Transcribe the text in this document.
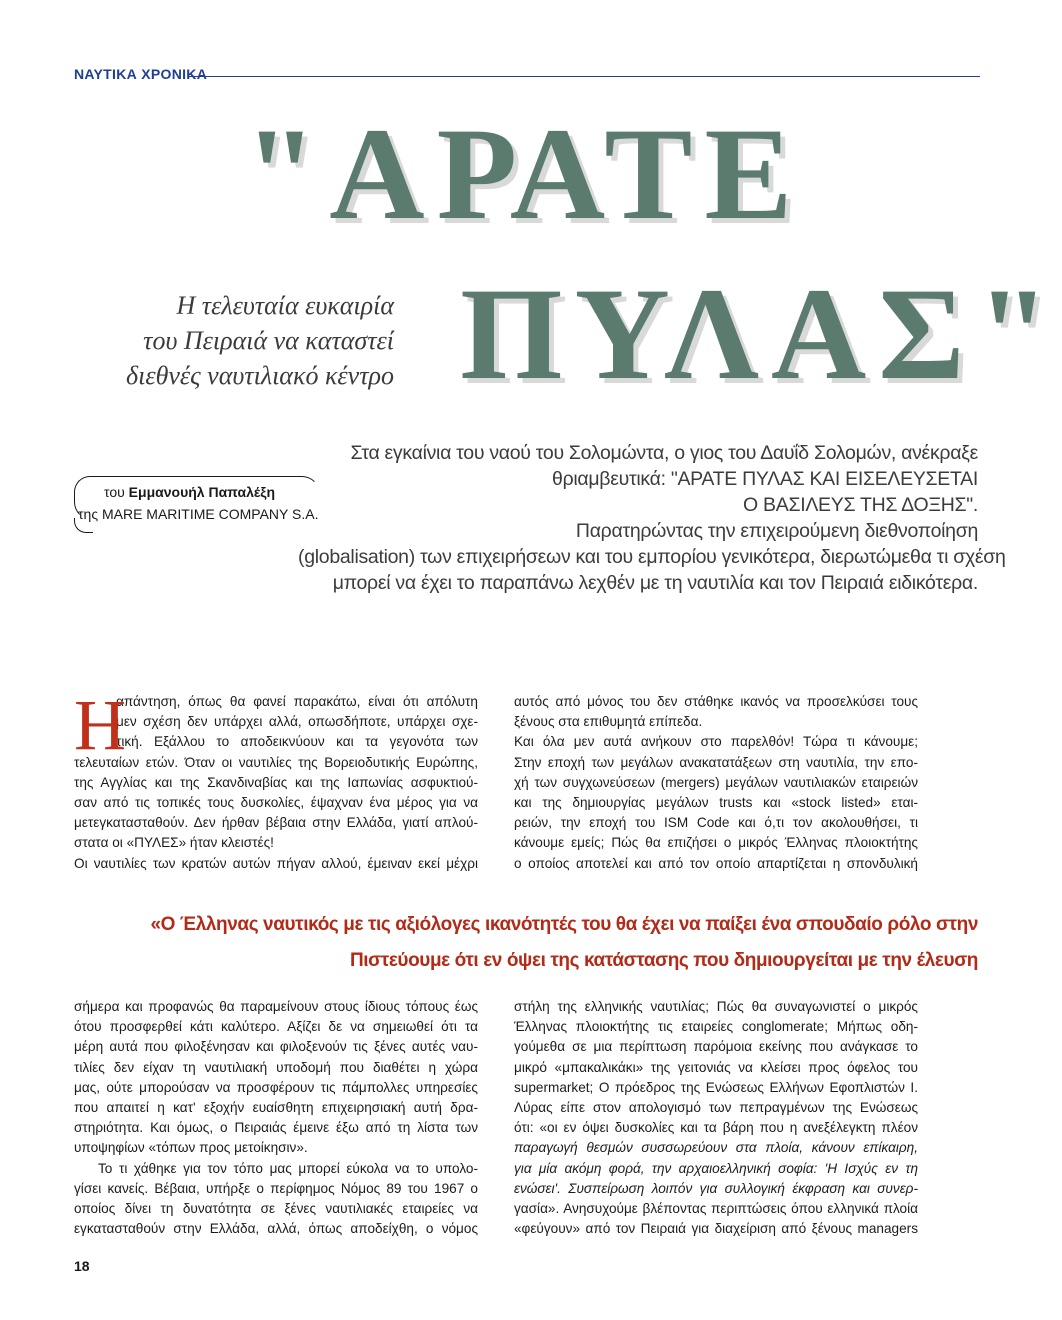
ΝΑΥΤΙΚΑ ΧΡΟΝΙΚΑ
"ΑΡΑΤΕ
ΠΥΛΑΣ"
Η τελευταία ευκαιρία
του Πειραιά να καταστεί
διεθνές ναυτιλιακό κέντρο
του Εμμανουήλ Παπαλέξη
της MARE MARITIME COMPANY S.A.
Στα εγκαίνια του ναού του Σολομώντα, ο γιος του Δαυΐδ Σολομών, ανέκραξε
θριαμβευτικά: "ΑΡΑΤΕ ΠΥΛΑΣ ΚΑΙ ΕΙΣΕΛΕΥΣΕΤΑΙ
Ο ΒΑΣΙΛΕΥΣ ΤΗΣ ΔΟΞΗΣ".
Παρατηρώντας την επιχειρούμενη διεθνοποίηση
(globalisation) των επιχειρήσεων και του εμπορίου γενικότερα, διερωτώμεθα τι σχέση
μπορεί να έχει το παραπάνω λεχθέν με τη ναυτιλία και τον Πειραιά ειδικότερα.
Η
απάντηση, όπως θα φανεί παρακάτω, είναι ότι απόλυτη
μεν σχέση δεν υπάρχει αλλά, οπωσδήποτε, υπάρχει σχε-
τική. Εξάλλου το αποδεικνύουν και τα γεγονότα των
τελευταίων ετών. Όταν οι ναυτιλίες της Βορειοδυτικής Ευρώπης,
της Αγγλίας και της Σκανδιναβίας και της Ιαπωνίας ασφυκτιού-
σαν από τις τοπικές τους δυσκολίες, έψαχναν ένα μέρος για να
μετεγκατασταθούν. Δεν ήρθαν βέβαια στην Ελλάδα, γιατί απλού-
στατα οι «ΠΥΛΕΣ» ήταν κλειστές!
Οι ναυτιλίες των κρατών αυτών πήγαν αλλού, έμειναν εκεί μέχρι
αυτός από μόνος του δεν στάθηκε ικανός να προσελκύσει τους
ξένους στα επιθυμητά επίπεδα.
Και όλα μεν αυτά ανήκουν στο παρελθόν! Τώρα τι κάνουμε;
Στην εποχή των μεγάλων ανακατατάξεων στη ναυτιλία, την επο-
χή των συγχωνεύσεων (mergers) μεγάλων ναυτιλιακών εταιρειών
και της δημιουργίας μεγάλων trusts και «stock listed» εται-
ρειών, την εποχή του ISM Code και ό,τι τον ακολουθήσει, τι
κάνουμε εμείς; Πώς θα επιζήσει ο μικρός Έλληνας πλοιοκτήτης
ο οποίος αποτελεί και από τον οποίο απαρτίζεται η σπονδυλική
«Ο Έλληνας ναυτικός με τις αξιόλογες ικανότητές του θα έχει να παίξει ένα σπουδαίο ρόλο στην
Πιστεύουμε ότι εν όψει της κατάστασης που δημιουργείται με την έλευση
σήμερα και προφανώς θα παραμείνουν στους ίδιους τόπους έως
ότου προσφερθεί κάτι καλύτερο. Αξίζει δε να σημειωθεί ότι τα
μέρη αυτά που φιλοξένησαν και φιλοξενούν τις ξένες αυτές ναυ-
τιλίες δεν είχαν τη ναυτιλιακή υποδομή που διαθέτει η χώρα
μας, ούτε μπορούσαν να προσφέρουν τις πάμπολλες υπηρεσίες
που απαιτεί η κατ' εξοχήν ευαίσθητη επιχειρησιακή αυτή δρα-
στηριότητα. Και όμως, ο Πειραιάς έμεινε έξω από τη λίστα των
υποψηφίων «τόπων προς μετοίκησιν».
Το τι χάθηκε για τον τόπο μας μπορεί εύκολα να το υπολο-
γίσει κανείς. Βέβαια, υπήρξε ο περίφημος Νόμος 89 του 1967 ο
οποίος δίνει τη δυνατότητα σε ξένες ναυτιλιακές εταιρείες να
εγκατασταθούν στην Ελλάδα, αλλά, όπως αποδείχθη, ο νόμος
στήλη της ελληνικής ναυτιλίας; Πώς θα συναγωνιστεί ο μικρός
Έλληνας πλοιοκτήτης τις εταιρείες conglomerate; Μήπως οδη-
γούμεθα σε μια περίπτωση παρόμοια εκείνης που ανάγκασε το
μικρό «μπακαλικάκι» της γειτονιάς να κλείσει προς όφελος του
supermarket; Ο πρόεδρος της Ενώσεως Ελλήνων Εφοπλιστών Ι.
Λύρας είπε στον απολογισμό των πεπραγμένων της Ενώσεως
ότι: «οι εν όψει δυσκολίες και τα βάρη που η ανεξέλεγκτη πλέον
παραγωγή θεσμών συσσωρεύουν στα πλοία, κάνουν επίκαιρη,
για μία ακόμη φορά, την αρχαιοελληνική σοφία: 'Η Ισχύς εν τη
ενώσει'. Συσπείρωση λοιπόν για συλλογική έκφραση και συνερ-
γασία». Ανησυχούμε βλέποντας περιπτώσεις όπου ελληνικά πλοία
«φεύγουν» από τον Πειραιά για διαχείριση από ξένους managers
18
